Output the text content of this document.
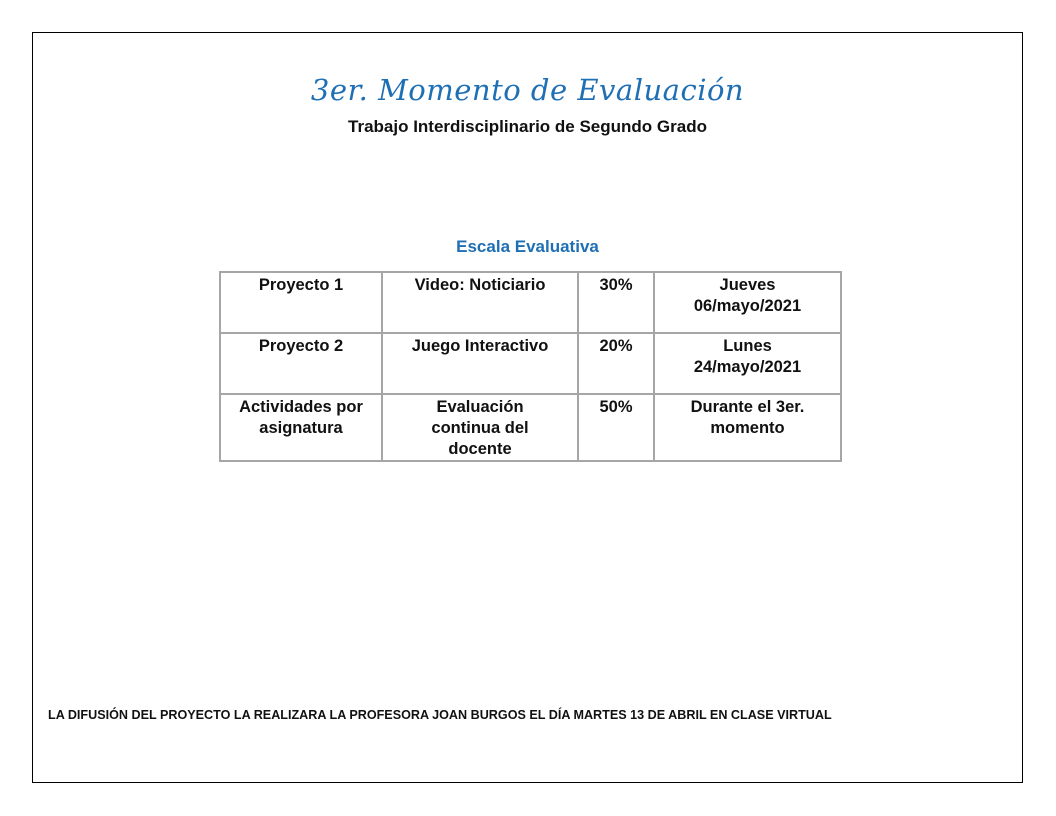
3er. Momento de Evaluación

Trabajo Interdisciplinario de Segundo Grado

Escala Evaluativa
Proyecto 1	Video: Noticiario	30%	Jueves
06/mayo/2021
Proyecto 2	Juego Interactivo	20%	Lunes
24/mayo/2021
Actividades por
asignatura	Evaluación
continua del
docente	50%	Durante el 3er.
momento

LA DIFUSIÓN DEL PROYECTO LA REALIZARA LA PROFESORA JOAN BURGOS EL DÍA MARTES 13 DE ABRIL EN CLASE VIRTUAL
